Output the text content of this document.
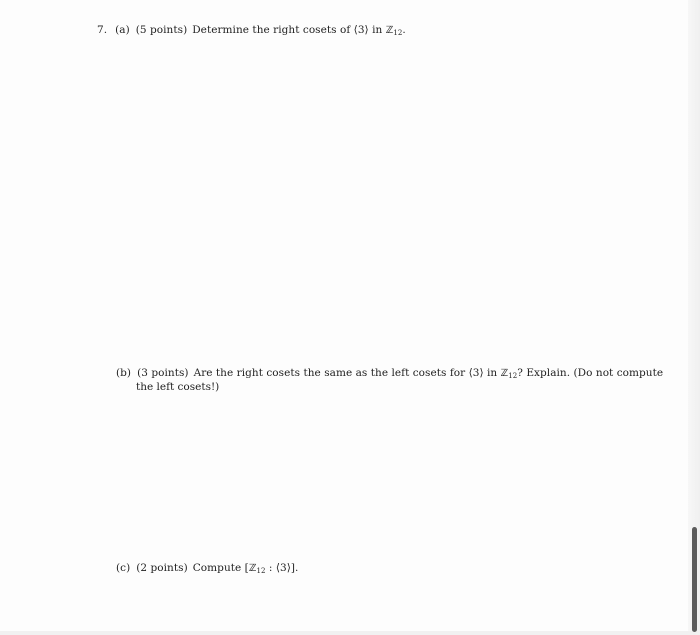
7. (a) (5 points) Determine the right cosets of ⟨3⟩ in ℤ$_{12}$.
(b) (3 points) Are the right cosets the same as the left cosets for ⟨3⟩ in ℤ$_{12}$? Explain. (Do not compute
the left cosets!)
(c) (2 points) Compute [ℤ$_{12}$ : ⟨3⟩].
